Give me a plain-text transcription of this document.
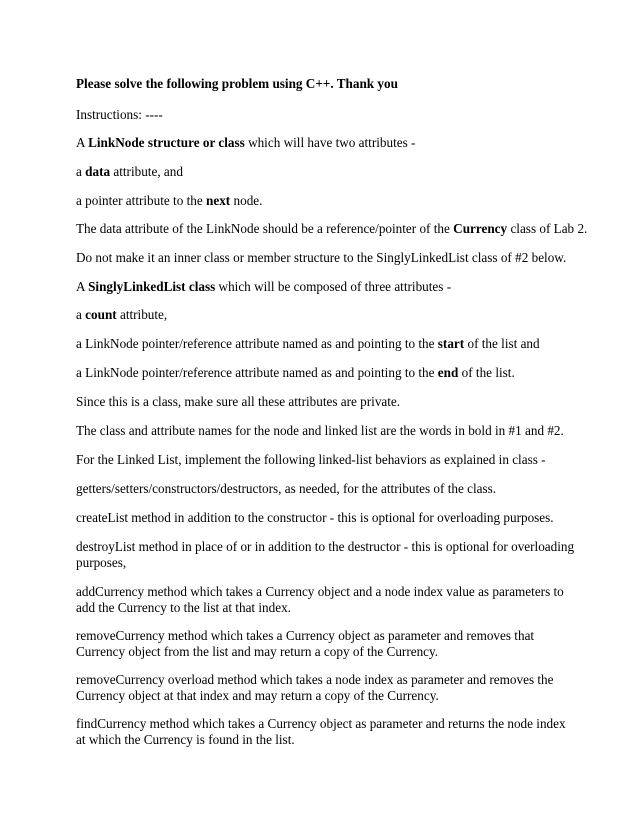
Please solve the following problem using C++. Thank you

Instructions: ----

A LinkNode structure or class which will have two attributes -

a data attribute, and

a pointer attribute to the next node.

The data attribute of the LinkNode should be a reference/pointer of the Currency class of Lab 2.

Do not make it an inner class or member structure to the SinglyLinkedList class of #2 below.

A SinglyLinkedList class which will be composed of three attributes -

a count attribute,

a LinkNode pointer/reference attribute named as and pointing to the start of the list and

a LinkNode pointer/reference attribute named as and pointing to the end of the list.

Since this is a class, make sure all these attributes are private.

The class and attribute names for the node and linked list are the words in bold in #1 and #2.

For the Linked List, implement the following linked-list behaviors as explained in class -

getters/setters/constructors/destructors, as needed, for the attributes of the class.

createList method in addition to the constructor - this is optional for overloading purposes.

destroyList method in place of or in addition to the destructor - this is optional for overloading purposes,

addCurrency method which takes a Currency object and a node index value as parameters to add the Currency to the list at that index.

removeCurrency method which takes a Currency object as parameter and removes that Currency object from the list and may return a copy of the Currency.

removeCurrency overload method which takes a node index as parameter and removes the Currency object at that index and may return a copy of the Currency.

findCurrency method which takes a Currency object as parameter and returns the node index at which the Currency is found in the list.
